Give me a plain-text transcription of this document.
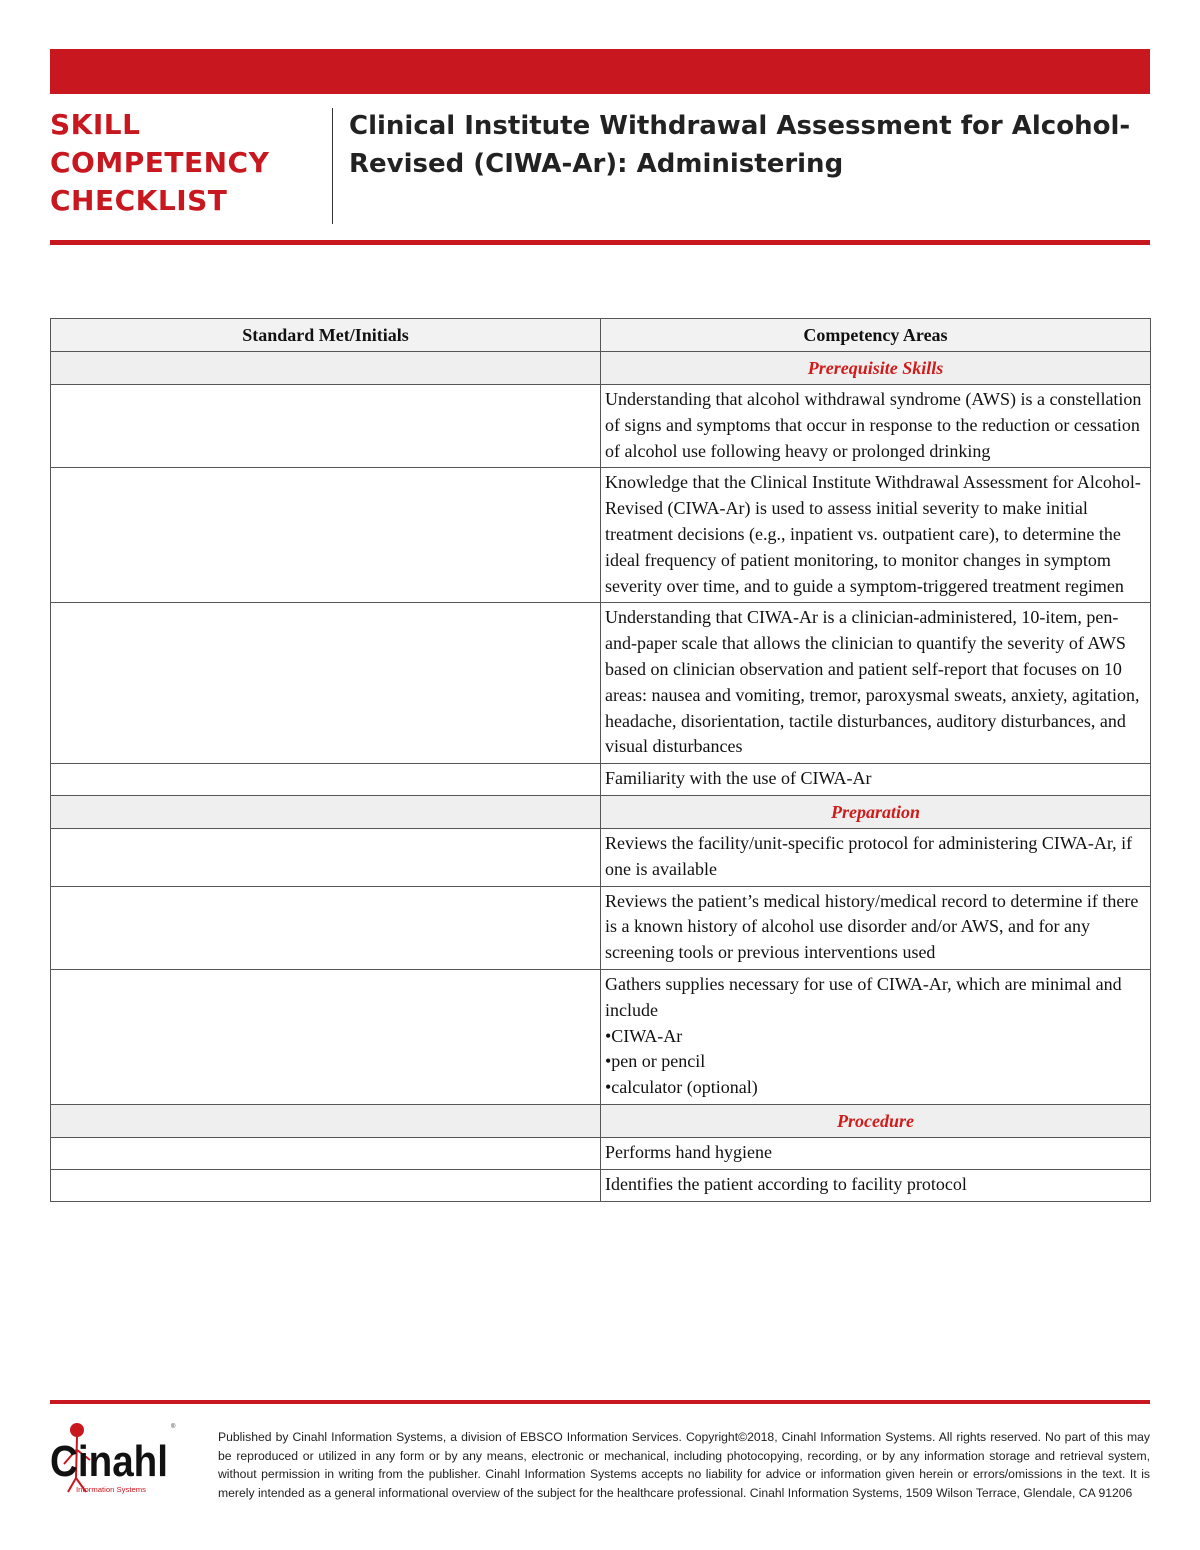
SKILL
COMPETENCY
CHECKLIST
Clinical Institute Withdrawal Assessment for Alcohol-Revised (CIWA-Ar): Administering
Standard Met/Initials	Competency Areas
	Prerequisite Skills

	Understanding that alcohol withdrawal syndrome (AWS) is a constellation of signs and symptoms that occur in response to the reduction or cessation of alcohol use following heavy or prolonged drinking

	Knowledge that the Clinical Institute Withdrawal Assessment for Alcohol-Revised (CIWA-Ar) is used to assess initial severity to make initial treatment decisions (e.g., inpatient vs. outpatient care), to determine the ideal frequency of patient monitoring, to monitor changes in symptom severity over time, and to guide a symptom-triggered treatment regimen

	Understanding that CIWA-Ar is a clinician-administered, 10-item, pen-and-paper scale that allows the clinician to quantify the severity of AWS based on clinician observation and patient self-report that focuses on 10 areas: nausea and vomiting, tremor, paroxysmal sweats, anxiety, agitation, headache, disorientation, tactile disturbances, auditory disturbances, and visual disturbances

	Familiarity with the use of CIWA-Ar

	Preparation

	Reviews the facility/unit-specific protocol for administering CIWA-Ar, if one is available

	Reviews the patient’s medical history/medical record to determine if there is a known history of alcohol use disorder and/or AWS, and for any screening tools or previous interventions used

	Gathers supplies necessary for use of CIWA-Ar, which are minimal and include
•CIWA-Ar
•pen or pencil
•calculator (optional)

	Procedure

	Performs hand hygiene

	Identifies the patient according to facility protocol
Cinahl
Information Systems
®

Published by Cinahl Information Systems, a division of EBSCO Information Services. Copyright©2018, Cinahl Information Systems. All rights reserved. No part of this may be reproduced or utilized in any form or by any means, electronic or mechanical, including photocopying, recording, or by any information storage and retrieval system, without permission in writing from the publisher. Cinahl Information Systems accepts no liability for advice or information given herein or errors/omissions in the text. It is merely intended as a general informational overview of the subject for the healthcare professional. Cinahl Information Systems, 1509 Wilson Terrace, Glendale, CA 91206
